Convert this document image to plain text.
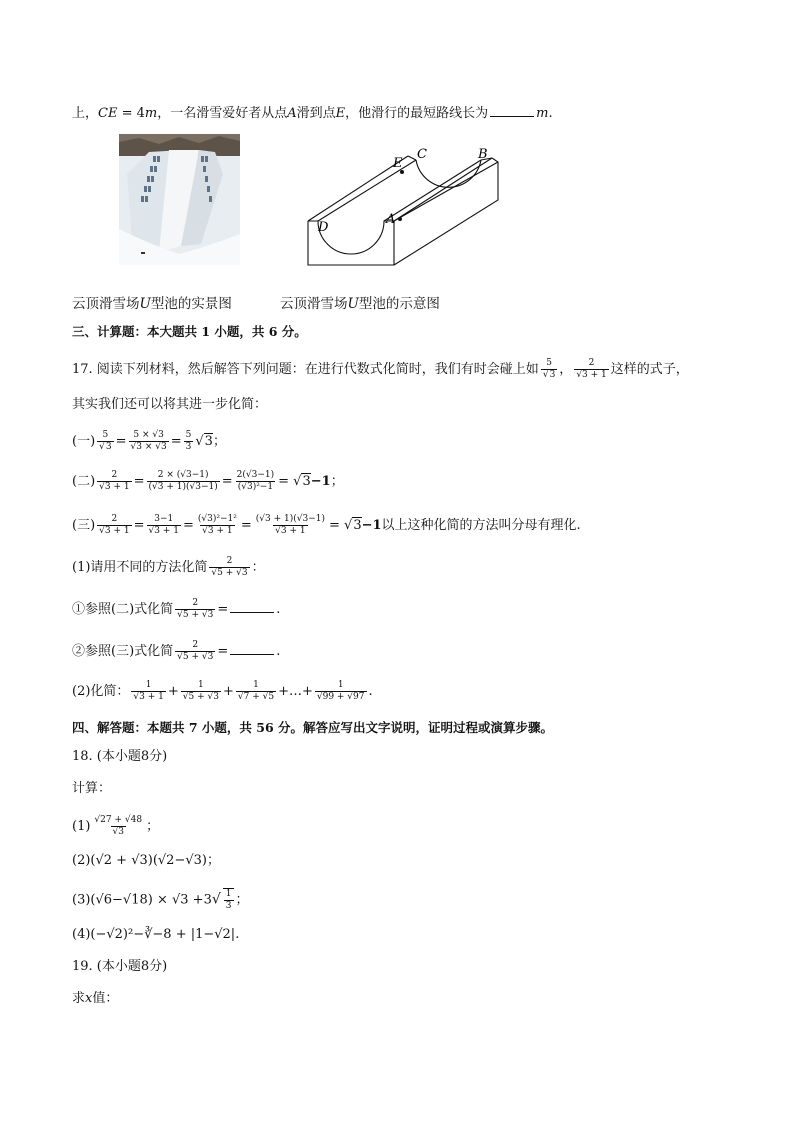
上，CE = 4m，一名滑雪爱好者从点A滑到点E，他滑行的最短路线长为	m.
E
C	B
A
D
云顶滑雪场U型池的实景图	云顶滑雪场U型池的示意图
三、计算题：本大题共 1 小题，共 6 分。
17. 阅读下列材料，然后解答下列问题：在进行代数式化简时，我们有时会碰上如 $\frac{5}{√3}$ ， $\frac{2}{√3 + 1}$ 这样的式子，
其实我们还可以将其进一步化简：
(一) $\frac{5}{√3} = \frac{5 \times √3}{√3 \times √3} = \frac{5}{3} √3$；
(二) $\frac{2}{√3 + 1} = \frac{2 \times (√3-1)}{(√3 + 1)(√3-1)} = \frac{2(√3-1)}{\text{(√3)²−1}} = √3-1$；
(三) $\frac{2}{√3 + 1} = \frac{3-1}{√3 + 1} = \frac{\text{(√3)²−1²}}{√3 + 1} = \frac{(√3 + 1)(√3-1)}{√3 + 1} = √3-1$以上这种化简的方法叫分母有理化.
(1)请用不同的方法化简 $\frac{2}{√5 + √3}$ ：
①参照(二)式化简 $\frac{2}{√5 + √3}$ =	.
②参照(三)式化简 $\frac{2}{√5 + √3}$ =	.
(2)化简： $\frac{1}{√3 + 1} + \frac{1}{√5 + √3} + \frac{1}{√7 + √5}$ +…+ $\frac{1}{√99 + √97}$ .
四、解答题：本题共 7 小题，共 56 分。解答应写出文字说明，证明过程或演算步骤。
18. (本小题8分)
计算：
$(1) \frac{√27 + √48}{√3}$ ；
(2)(√2 + √3)(√2−√3)；
$(3)(√6-√18) \times √3 +3√ \frac{1}{3}$ ；
(4)(−√2)²−∛−8 + |1−√2|.
19. (本小题8分)
求x值：
